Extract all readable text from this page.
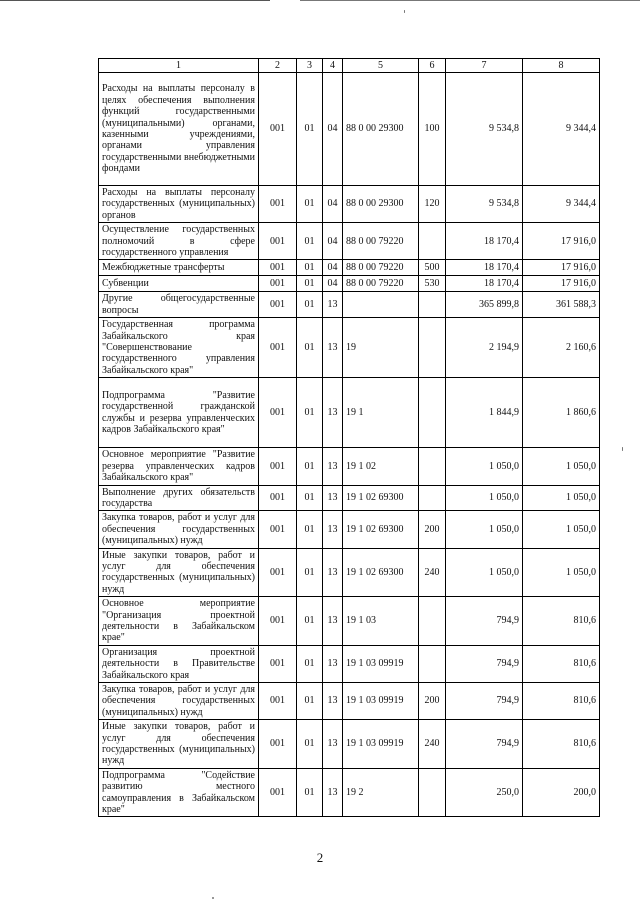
1	2	3	4	5	6	7	8
Расходы на выплаты персоналу в целях обеспечения выполнения функций государственными (муниципальными) органами, казенными учреждениями, органами управления государственными внебюджетными фондами	001	01	04	88 0 00 29300	100	9 534,8	9 344,4
Расходы на выплаты персоналу государственных (муниципальных) органов	001	01	04	88 0 00 29300	120	9 534,8	9 344,4
Осуществление государственных полномочий в сфере государственного управления	001	01	04	88 0 00 79220		18 170,4	17 916,0
Межбюджетные трансферты	001	01	04	88 0 00 79220	500	18 170,4	17 916,0
Субвенции	001	01	04	88 0 00 79220	530	18 170,4	17 916,0
Другие общегосударственные вопросы	001	01	13			365 899,8	361 588,3
Государственная программа Забайкальского края "Совершенствование государственного управления Забайкальского края"	001	01	13	19		2 194,9	2 160,6
Подпрограмма "Развитие государственной гражданской службы и резерва управленческих кадров Забайкальского края"	001	01	13	19 1		1 844,9	1 860,6
Основное мероприятие "Развитие резерва управленческих кадров Забайкальского края"	001	01	13	19 1 02		1 050,0	1 050,0
Выполнение других обязательств государства	001	01	13	19 1 02 69300		1 050,0	1 050,0
Закупка товаров, работ и услуг для обеспечения государственных (муниципальных) нужд	001	01	13	19 1 02 69300	200	1 050,0	1 050,0
Иные закупки товаров, работ и услуг для обеспечения государственных (муниципальных) нужд	001	01	13	19 1 02 69300	240	1 050,0	1 050,0
Основное мероприятие "Организация проектной деятельности в Забайкальском крае"	001	01	13	19 1 03		794,9	810,6
Организация проектной деятельности в Правительстве Забайкальского края	001	01	13	19 1 03 09919		794,9	810,6
Закупка товаров, работ и услуг для обеспечения государственных (муниципальных) нужд	001	01	13	19 1 03 09919	200	794,9	810,6
Иные закупки товаров, работ и услуг для обеспечения государственных (муниципальных) нужд	001	01	13	19 1 03 09919	240	794,9	810,6
Подпрограмма "Содействие развитию местного самоуправления в Забайкальском крае"	001	01	13	19 2		250,0	200,0
2
